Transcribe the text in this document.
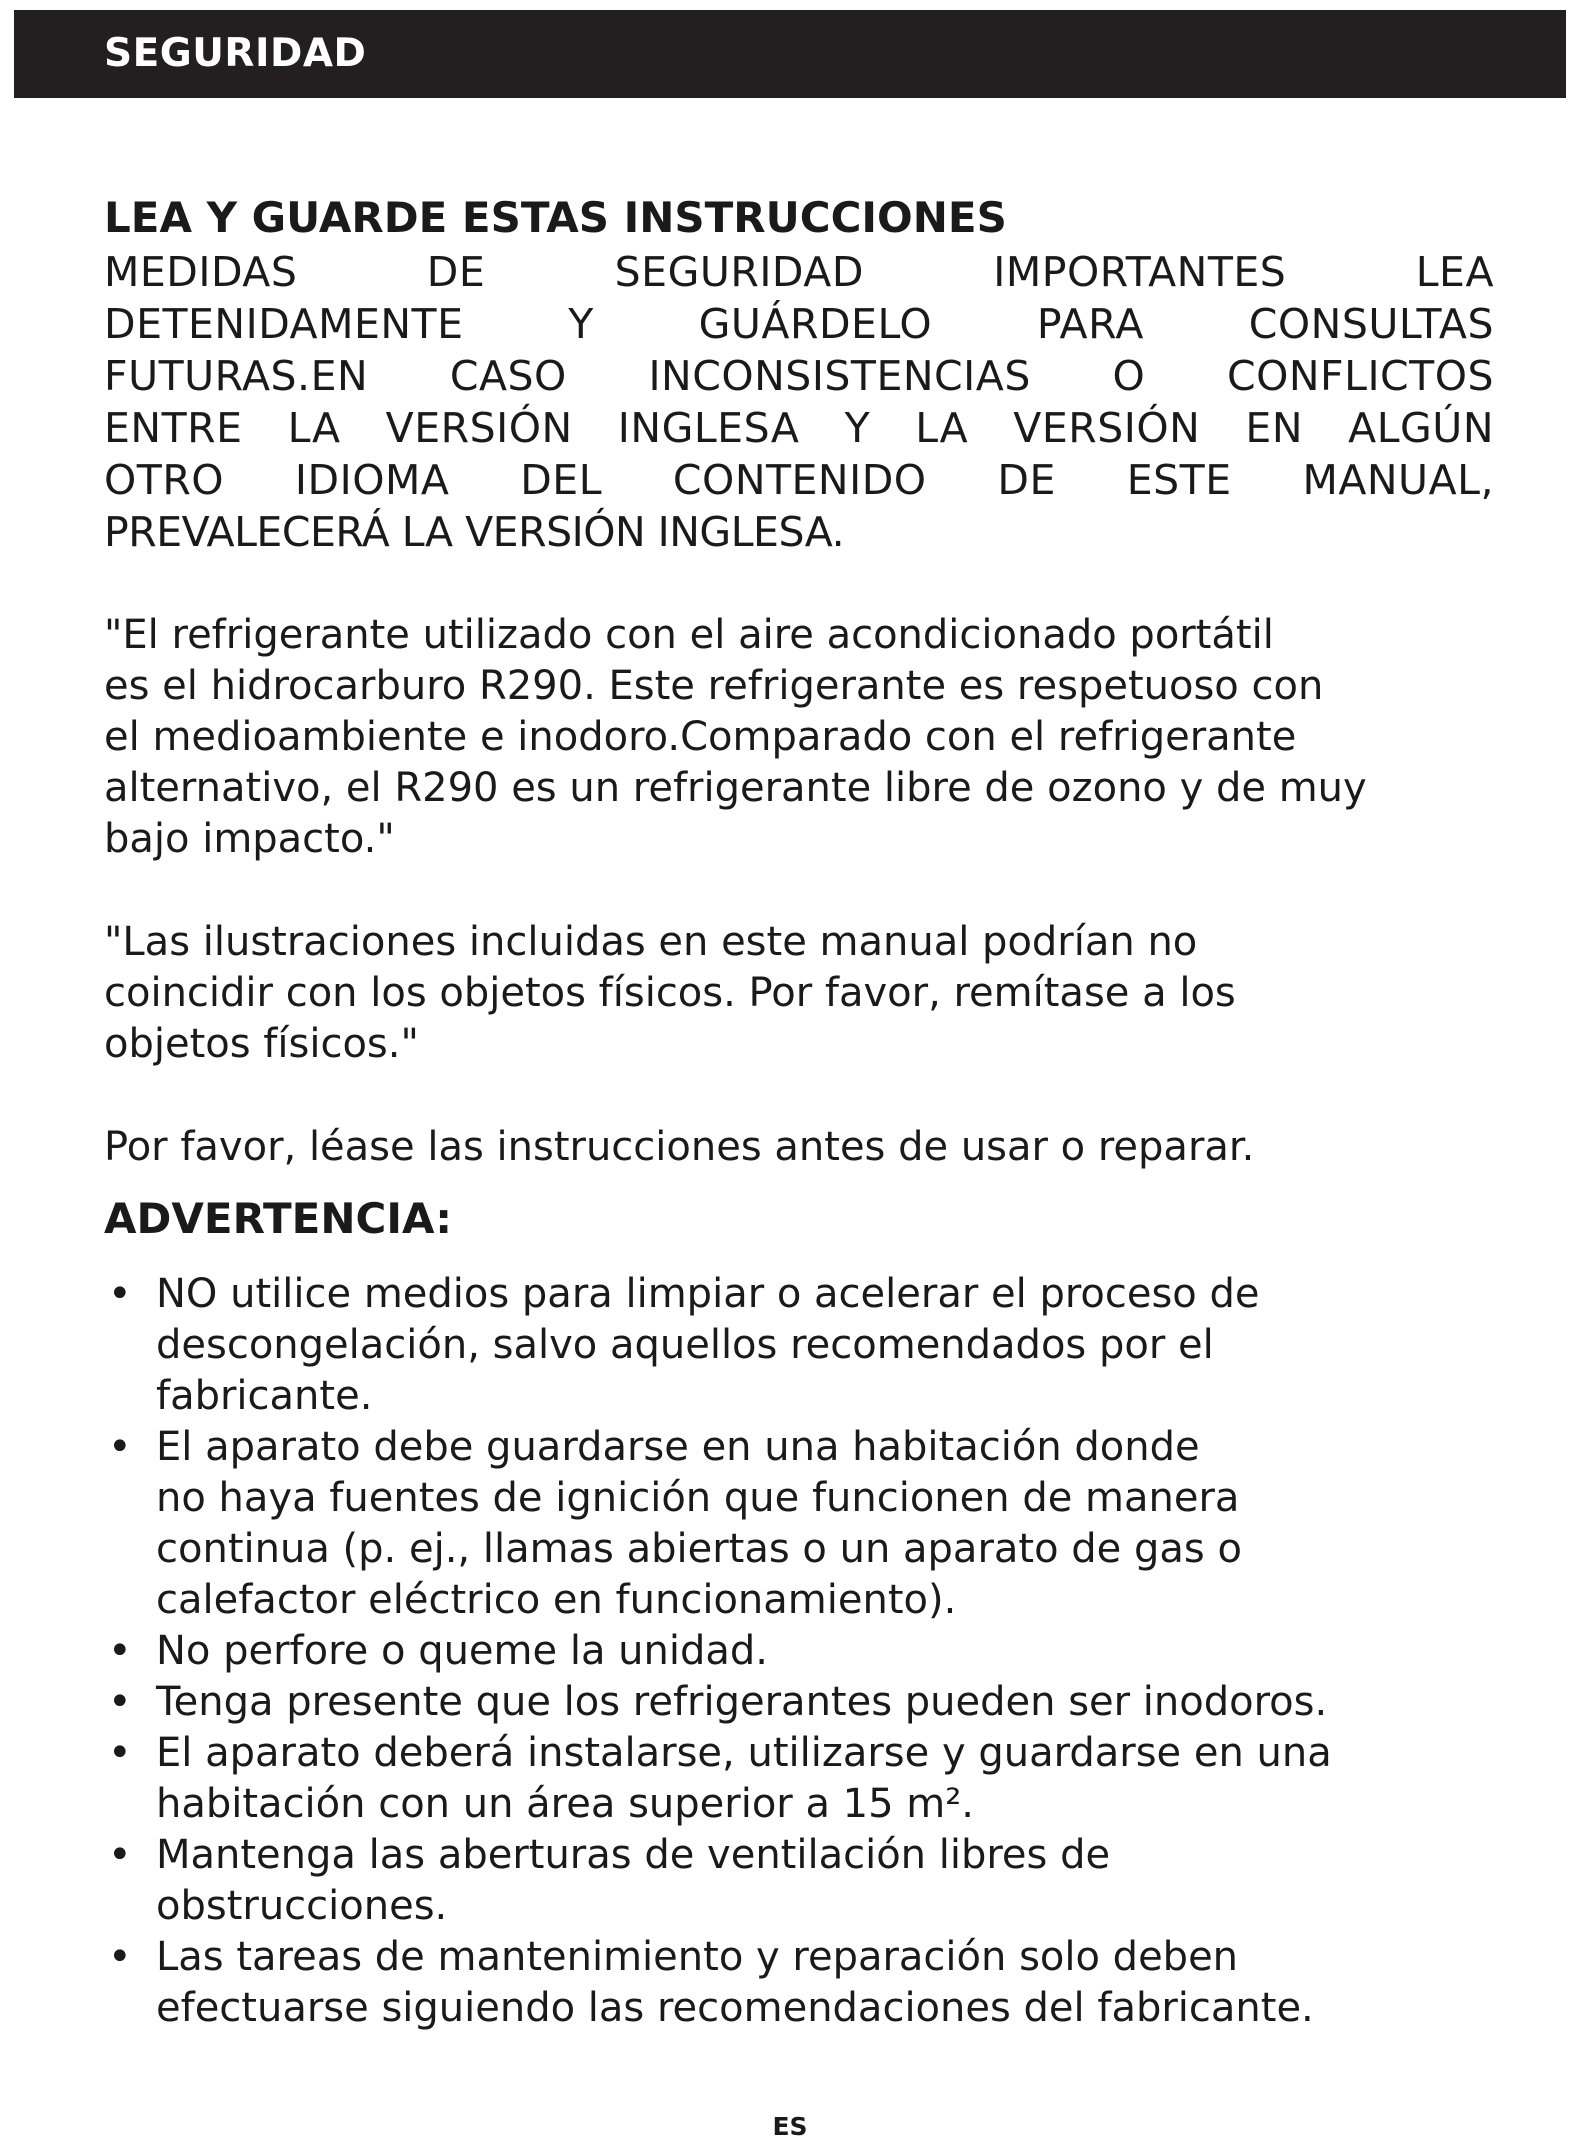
SEGURIDAD
LEA Y GUARDE ESTAS INSTRUCCIONES

MEDIDAS DE SEGURIDAD IMPORTANTES LEA
DETENIDAMENTE Y GUÁRDELO PARA CONSULTAS
FUTURAS.EN CASO INCONSISTENCIAS O CONFLICTOS
ENTRE LA VERSIÓN INGLESA Y LA VERSIÓN EN ALGÚN
OTRO IDIOMA DEL CONTENIDO DE ESTE MANUAL,
PREVALECERÁ LA VERSIÓN INGLESA.

"El refrigerante utilizado con el aire acondicionado portátil
es el hidrocarburo R290. Este refrigerante es respetuoso con
el medioambiente e inodoro.Comparado con el refrigerante
alternativo, el R290 es un refrigerante libre de ozono y de muy
bajo impacto."

"Las ilustraciones incluidas en este manual podrían no
coincidir con los objetos físicos. Por favor, remítase a los
objetos físicos."

Por favor, léase las instrucciones antes de usar o reparar.

ADVERTENCIA:
• NO utilice medios para limpiar o acelerar el proceso de
descongelación, salvo aquellos recomendados por el
fabricante.
• El aparato debe guardarse en una habitación donde
no haya fuentes de ignición que funcionen de manera
continua (p. ej., llamas abiertas o un aparato de gas o
calefactor eléctrico en funcionamiento).
• No perfore o queme la unidad.
• Tenga presente que los refrigerantes pueden ser inodoros.
• El aparato deberá instalarse, utilizarse y guardarse en una
habitación con un área superior a 15 m².
• Mantenga las aberturas de ventilación libres de
obstrucciones.
• Las tareas de mantenimiento y reparación solo deben
efectuarse siguiendo las recomendaciones del fabricante.
ES
